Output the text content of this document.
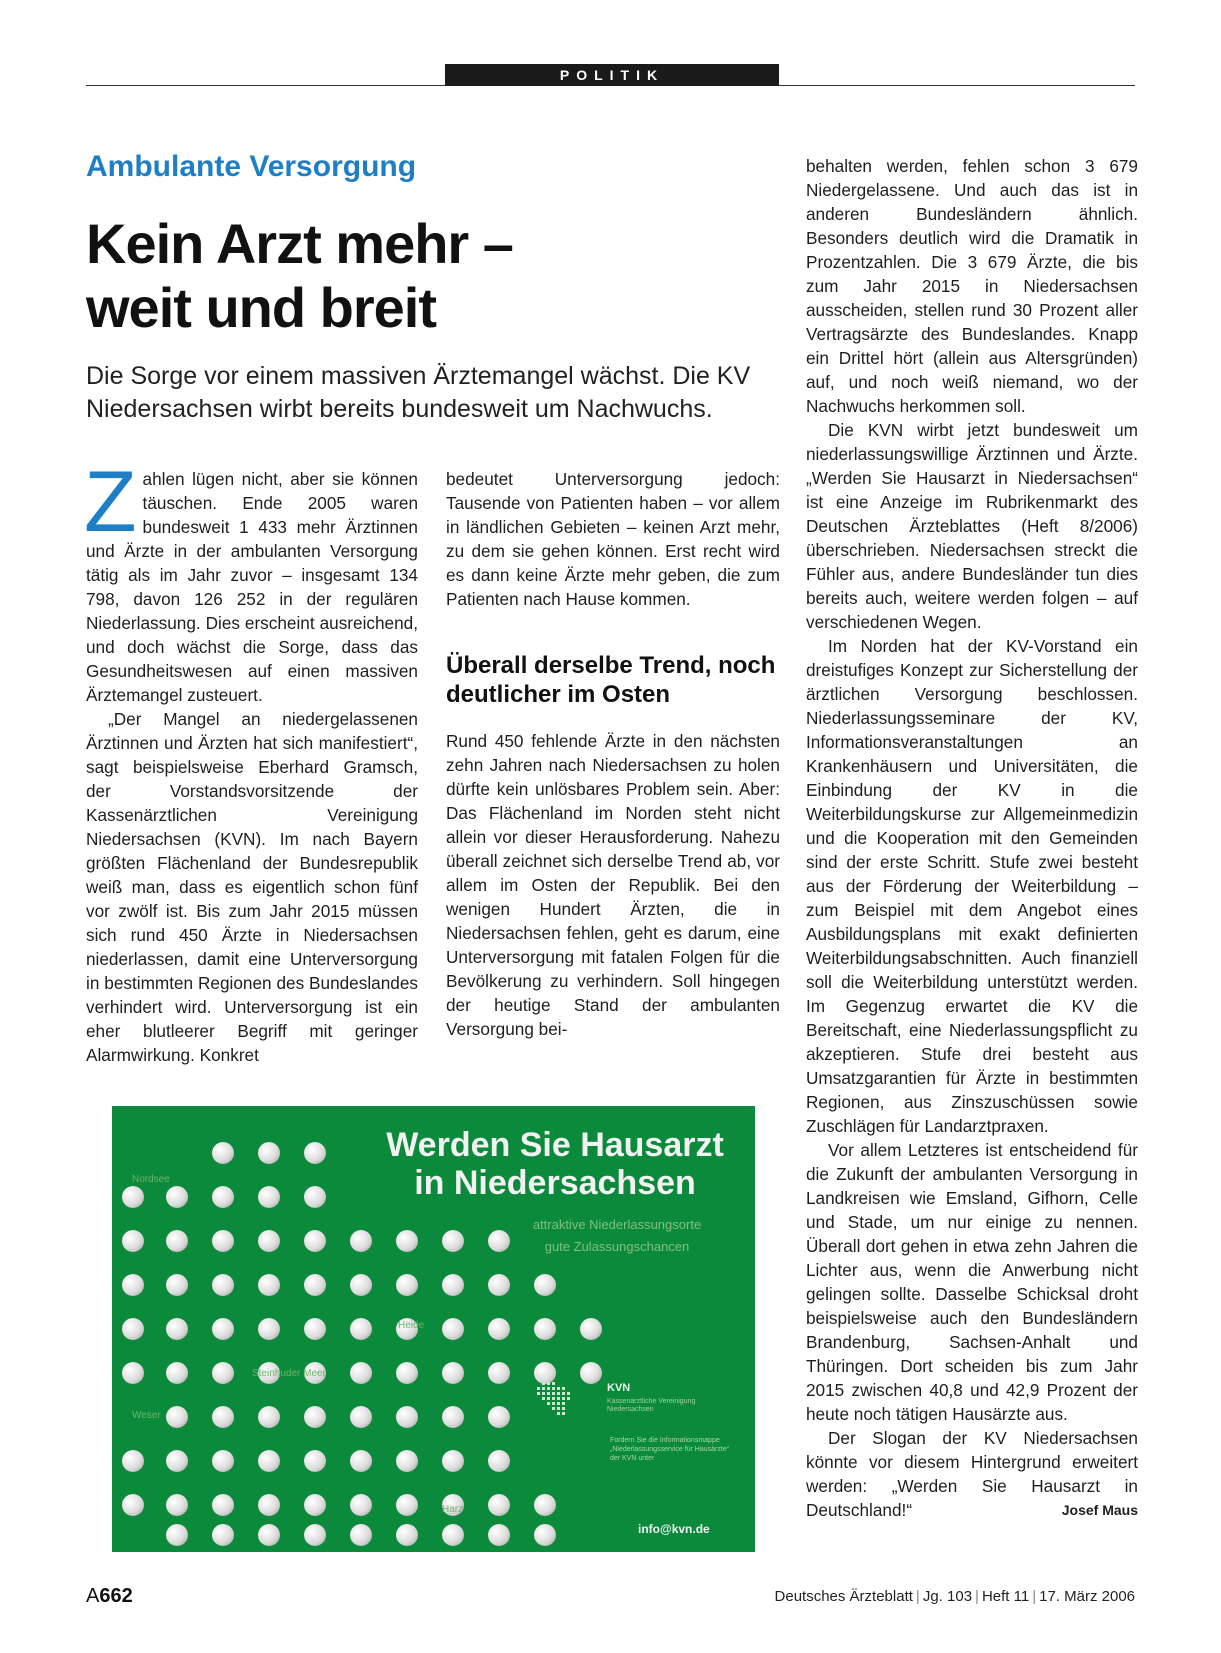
POLITIK
Ambulante Versorgung
Kein Arzt mehr –
weit und breit

Die Sorge vor einem massiven Ärztemangel wächst. Die KV Niedersachsen wirbt bereits bundesweit um Nachwuchs.

Zahlen lügen nicht, aber sie können täuschen. Ende 2005 waren bundesweit 1 433 mehr Ärztinnen und Ärzte in der ambulanten Versorgung tätig als im Jahr zuvor – insgesamt 134 798, davon 126 252 in der regulären Niederlassung. Dies erscheint ausreichend, und doch wächst die Sorge, dass das Gesundheitswesen auf einen massiven Ärztemangel zusteuert.

„Der Mangel an niedergelassenen Ärztinnen und Ärzten hat sich manifestiert“, sagt beispielsweise Eberhard Gramsch, der Vorstandsvorsitzende der Kassenärztlichen Vereinigung Niedersachsen (KVN). Im nach Bayern größten Flächenland der Bundesrepublik weiß man, dass es eigentlich schon fünf vor zwölf ist. Bis zum Jahr 2015 müssen sich rund 450 Ärzte in Niedersachsen niederlassen, damit eine Unterversorgung in bestimmten Regionen des Bundeslandes verhindert wird. Unterversorgung ist ein eher blutleerer Begriff mit geringer Alarmwirkung. Konkret

bedeutet Unterversorgung jedoch: Tausende von Patienten haben – vor allem in ländlichen Gebieten – keinen Arzt mehr, zu dem sie gehen können. Erst recht wird es dann keine Ärzte mehr geben, die zum Patienten nach Hause kommen.

Überall derselbe Trend, noch
deutlicher im Osten

Rund 450 fehlende Ärzte in den nächsten zehn Jahren nach Niedersachsen zu holen dürfte kein unlösbares Problem sein. Aber: Das Flächenland im Norden steht nicht allein vor dieser Herausforderung. Nahezu überall zeichnet sich derselbe Trend ab, vor allem im Osten der Republik. Bei den wenigen Hundert Ärzten, die in Niedersachsen fehlen, geht es darum, eine Unterversorgung mit fatalen Folgen für die Bevölkerung zu verhindern. Soll hingegen der heutige Stand der ambulanten Versorgung bei-

behalten werden, fehlen schon 3 679 Niedergelassene. Und auch das ist in anderen Bundesländern ähnlich. Besonders deutlich wird die Dramatik in Prozentzahlen. Die 3 679 Ärzte, die bis zum Jahr 2015 in Niedersachsen ausscheiden, stellen rund 30 Prozent aller Vertragsärzte des Bundeslandes. Knapp ein Drittel hört (allein aus Altersgründen) auf, und noch weiß niemand, wo der Nachwuchs herkommen soll.

Die KVN wirbt jetzt bundesweit um niederlassungswillige Ärztinnen und Ärzte. „Werden Sie Hausarzt in Niedersachsen“ ist eine Anzeige im Rubrikenmarkt des Deutschen Ärzteblattes (Heft 8/2006) überschrieben. Niedersachsen streckt die Fühler aus, andere Bundesländer tun dies bereits auch, weitere werden folgen – auf verschiedenen Wegen.

Im Norden hat der KV-Vorstand ein dreistufiges Konzept zur Sicherstellung der ärztlichen Versorgung beschlossen. Niederlassungsseminare der KV, Informationsveranstaltungen an Krankenhäusern und Universitäten, die Einbindung der KV in die Weiterbildungskurse zur Allgemeinmedizin und die Kooperation mit den Gemeinden sind der erste Schritt. Stufe zwei besteht aus der Förderung der Weiterbildung – zum Beispiel mit dem Angebot eines Ausbildungsplans mit exakt definierten Weiterbildungsabschnitten. Auch finanziell soll die Weiterbildung unterstützt werden. Im Gegenzug erwartet die KV die Bereitschaft, eine Niederlassungspflicht zu akzeptieren. Stufe drei besteht aus Umsatzgarantien für Ärzte in bestimmten Regionen, aus Zinszuschüssen sowie Zuschlägen für Landarztpraxen.

Vor allem Letzteres ist entscheidend für die Zukunft der ambulanten Versorgung in Landkreisen wie Emsland, Gifhorn, Celle und Stade, um nur einige zu nennen. Überall dort gehen in etwa zehn Jahren die Lichter aus, wenn die Anwerbung nicht gelingen sollte. Dasselbe Schicksal droht beispielsweise auch den Bundesländern Brandenburg, Sachsen-Anhalt und Thüringen. Dort scheiden bis zum Jahr 2015 zwischen 40,8 und 42,9 Prozent der heute noch tätigen Hausärzte aus.

Der Slogan der KV Niedersachsen könnte vor diesem Hintergrund erweitert werden: „Werden Sie Hausarzt in Deutschland!“	Josef Maus

Werden Sie Hausarzt
in Niedersachsen
attraktive Niederlassungsorte
gute Zulassungschancen
Nordsee
Heide
Steinhuder Meer
Weser
Harz
KVN
Kassenärztliche Vereinigung Niedersachsen
Fordern Sie die Informationsmappe „Niederlassungsservice für Hausärzte“ der KVN unter
info@kvn.de
A662	Deutsches Ärzteblatt | Jg. 103 | Heft 11 | 17. März 2006
